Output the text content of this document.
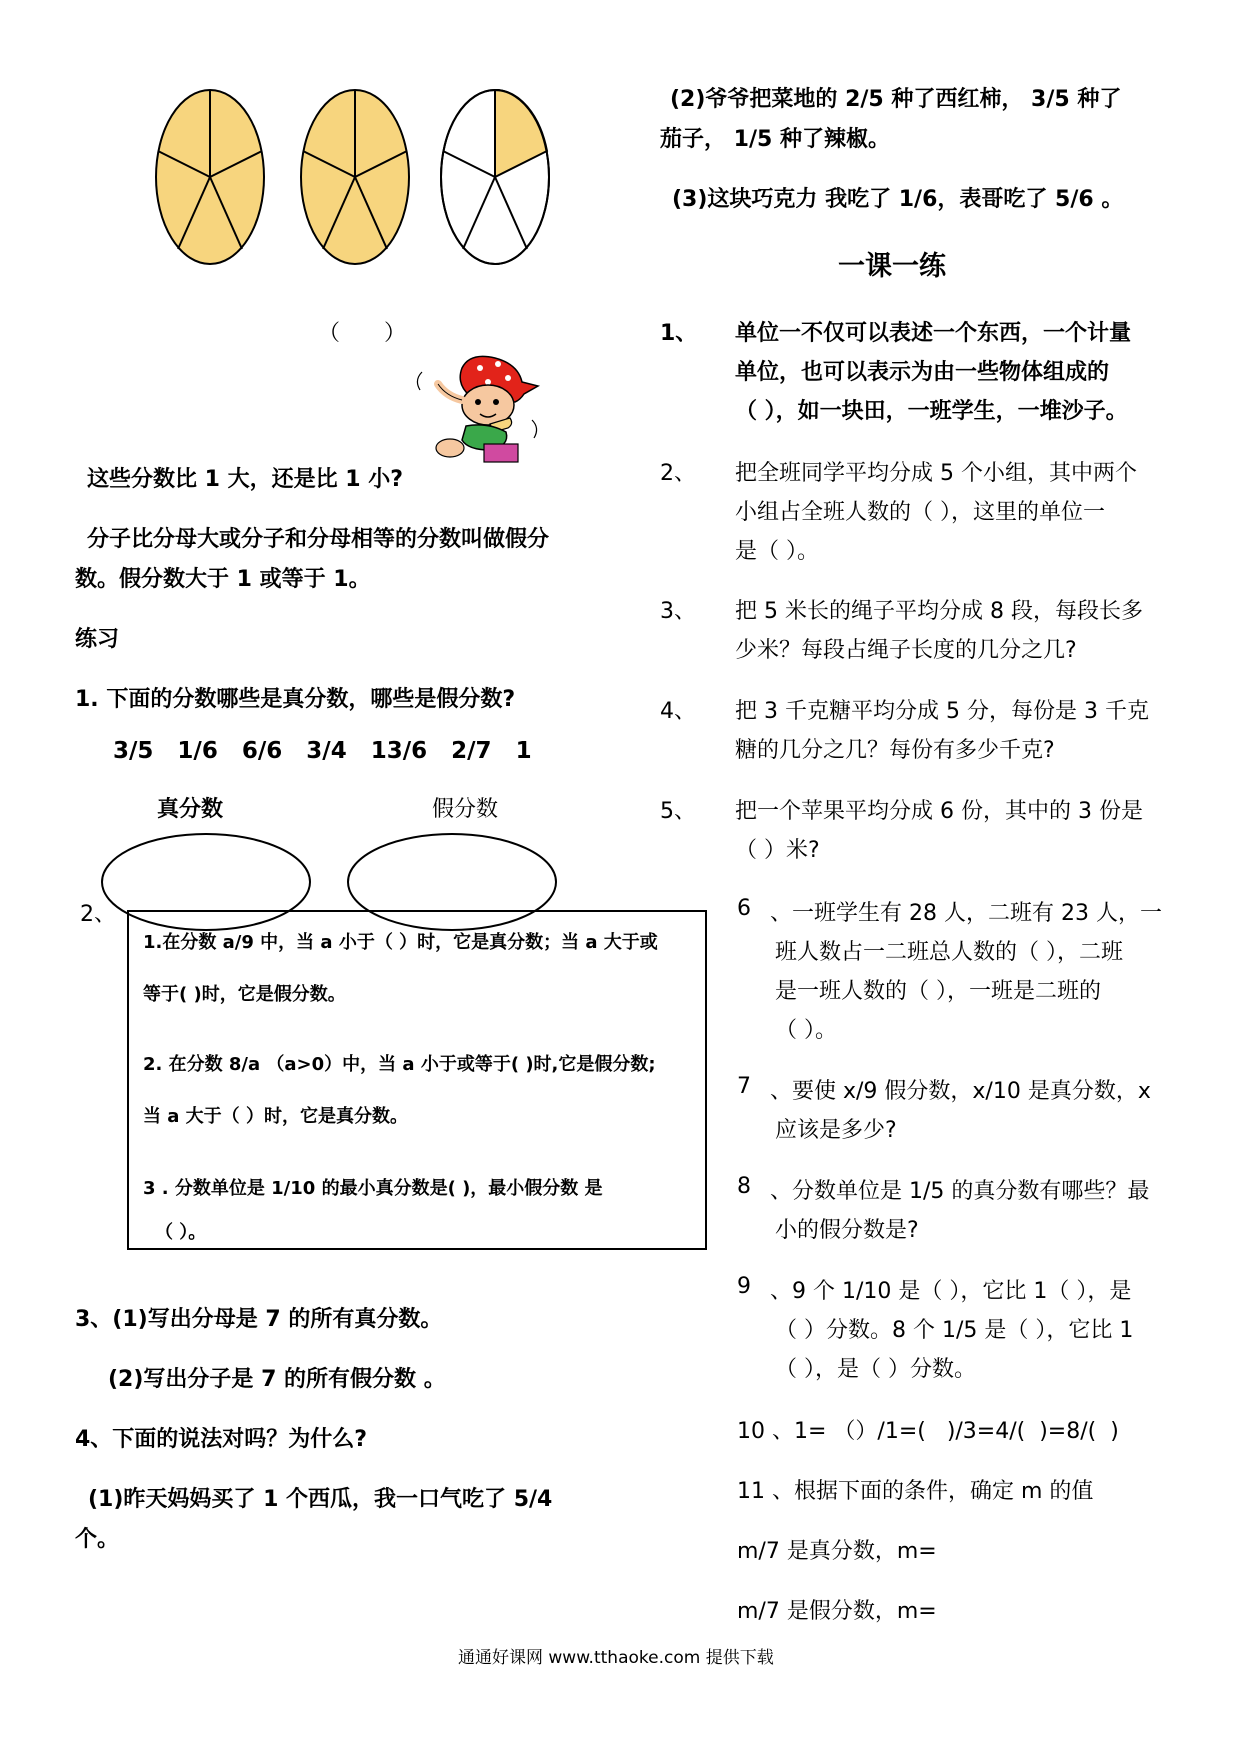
（　　）
这些分数比 1 大，还是比 1 小?
分子比分母大或分子和分母相等的分数叫做假分
数。假分数大于 1 或等于 1。
练习
1. 下面的分数哪些是真分数，哪些是假分数?
3/5   1/6   6/6   3/4   13/6   2/7   1
真分数	假分数
2、
1.在分数 a/9 中，当 a 小于（ ）时，它是真分数；当 a 大于或
等于( )时，它是假分数。
2. 在分数 8/a （a>0）中，当 a 小于或等于( )时,它是假分数;
当 a 大于（ ）时，它是真分数。
3 . 分数单位是 1/10 的最小真分数是( )，最小假分数 是
（ ）。
3、(1)写出分母是 7 的所有真分数。
(2)写出分子是 7 的所有假分数 。
4、下面的说法对吗？为什么?
(1)昨天妈妈买了 1 个西瓜，我一口气吃了 5/4
个。
(2)爷爷把菜地的 2/5 种了西红柿， 3/5 种了
茄子， 1/5 种了辣椒。
(3)这块巧克力 我吃了 1/6，表哥吃了 5/6 。
一课一练
1、 单位一不仅可以表述一个东西，一个计量
单位，也可以表示为由一些物体组成的
（ ），如一块田，一班学生，一堆沙子。
2、 把全班同学平均分成 5 个小组，其中两个
小组占全班人数的（ ），这里的单位一
是（ ）。
3、 把 5 米长的绳子平均分成 8 段，每段长多
少米？每段占绳子长度的几分之几?
4、 把 3 千克糖平均分成 5 分，每份是 3 千克
糖的几分之几？每份有多少千克?
5、 把一个苹果平均分成 6 份，其中的 3 份是
（ ）米?
6 、一班学生有 28 人，二班有 23 人，一
班人数占一二班总人数的（ ），二班
是一班人数的（ ），一班是二班的
（ ）。
7 、要使 x/9 假分数，x/10 是真分数，x
应该是多少?
8 、分数单位是 1/5 的真分数有哪些？最
小的假分数是?
9 、9 个 1/10 是（ ），它比 1（ ），是
（ ）分数。8 个 1/5 是（ ），它比 1
（ ），是（ ）分数。
10 、1= （）/1=(   )/3=4/(  )=8/(  )
11 、根据下面的条件，确定 m 的值
m/7 是真分数，m=
m/7 是假分数，m=
通通好课网 www.tthaoke.com 提供下载
